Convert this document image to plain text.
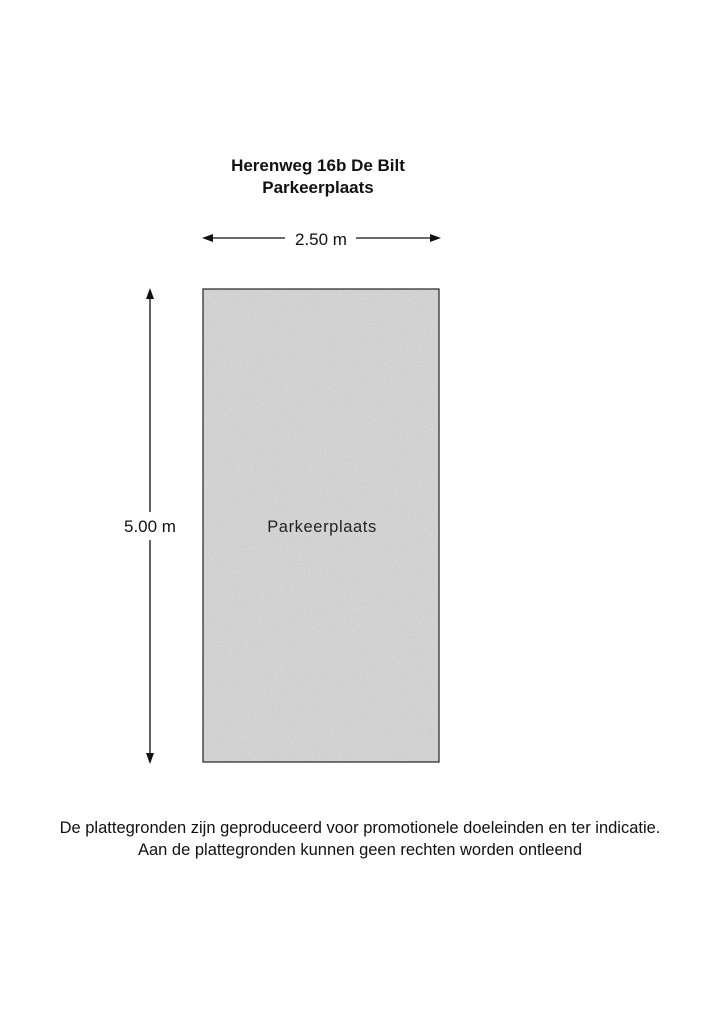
Herenweg 16b De Bilt
Parkeerplaats
2.50 m
5.00 m	Parkeerplaats
De plattegronden zijn geproduceerd voor promotionele doeleinden en ter indicatie.
Aan de plattegronden kunnen geen rechten worden ontleend
